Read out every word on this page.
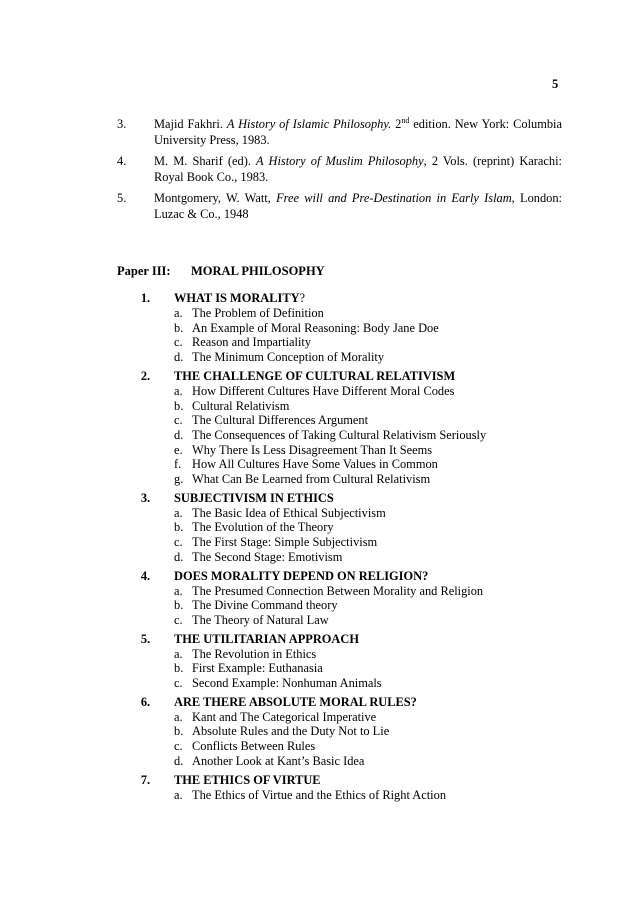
5
3.	Majid Fakhri. A History of Islamic Philosophy. 2nd edition. New York: Columbia University Press, 1983.
4.	M. M. Sharif (ed). A History of Muslim Philosophy, 2 Vols. (reprint) Karachi: Royal Book Co., 1983.
5.	Montgomery, W. Watt, Free will and Pre-Destination in Early Islam, London: Luzac & Co., 1948
Paper III:	MORAL PHILOSOPHY
1.	WHAT IS MORALITY?
a. The Problem of Definition
b. An Example of Moral Reasoning: Body Jane Doe
c. Reason and Impartiality
d. The Minimum Conception of Morality
2.	THE CHALLENGE OF CULTURAL RELATIVISM
a. How Different Cultures Have Different Moral Codes
b. Cultural Relativism
c. The Cultural Differences Argument
d. The Consequences of Taking Cultural Relativism Seriously
e. Why There Is Less Disagreement Than It Seems
f. How All Cultures Have Some Values in Common
g. What Can Be Learned from Cultural Relativism
3.	SUBJECTIVISM IN ETHICS
a. The Basic Idea of Ethical Subjectivism
b. The Evolution of the Theory
c. The First Stage: Simple Subjectivism
d. The Second Stage: Emotivism
4.	DOES MORALITY DEPEND ON RELIGION?
a. The Presumed Connection Between Morality and Religion
b. The Divine Command theory
c. The Theory of Natural Law
5.	THE UTILITARIAN APPROACH
a. The Revolution in Ethics
b. First Example: Euthanasia
c. Second Example: Nonhuman Animals
6.	ARE THERE ABSOLUTE MORAL RULES?
a. Kant and The Categorical Imperative
b. Absolute Rules and the Duty Not to Lie
c. Conflicts Between Rules
d. Another Look at Kant’s Basic Idea
7.	THE ETHICS OF VIRTUE
a. The Ethics of Virtue and the Ethics of Right Action
